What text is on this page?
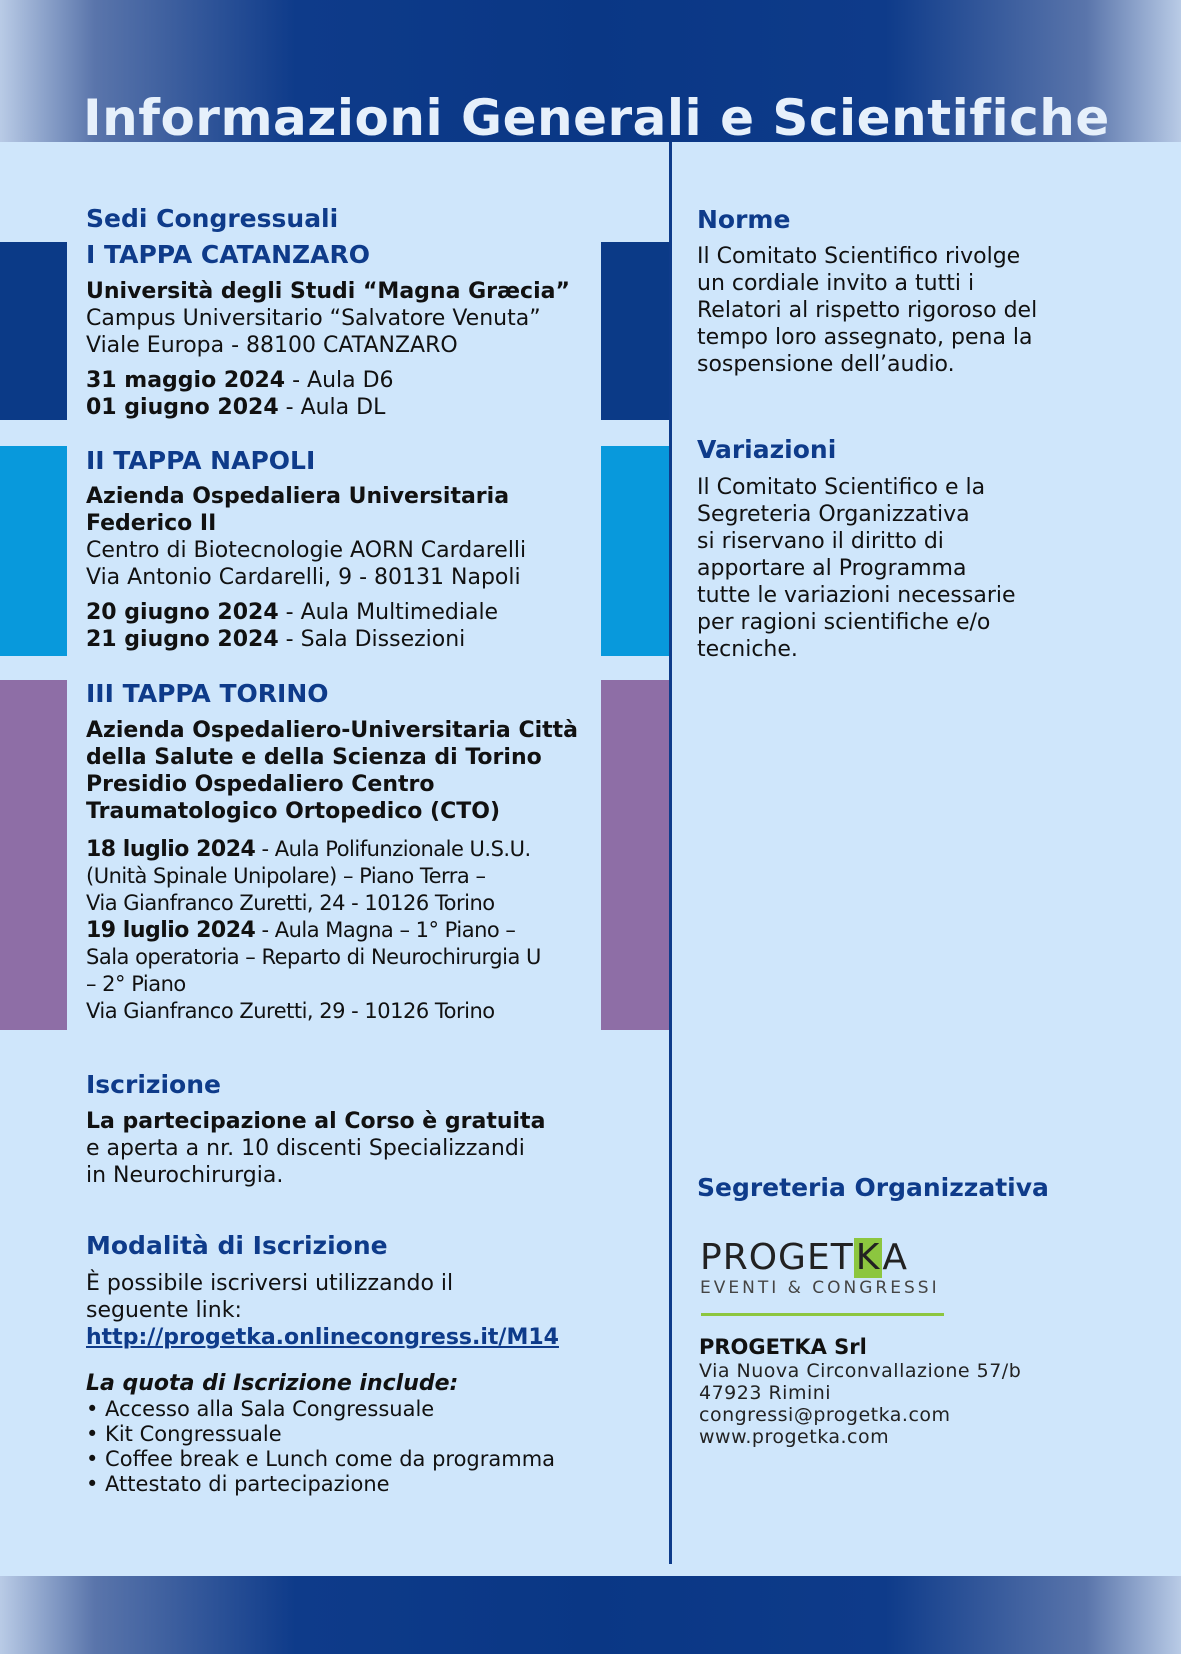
Informazioni Generali e Scientifiche
Sedi Congressuali
I TAPPA CATANZARO
Università degli Studi “Magna Græcia”
Campus Universitario “Salvatore Venuta”
Viale Europa - 88100 CATANZARO
31 maggio 2024 - Aula D6
01 giugno 2024 - Aula DL
II TAPPA NAPOLI
Azienda Ospedaliera Universitaria
Federico II
Centro di Biotecnologie AORN Cardarelli
Via Antonio Cardarelli, 9 - 80131 Napoli
20 giugno 2024 - Aula Multimediale
21 giugno 2024 - Sala Dissezioni
III TAPPA TORINO
Azienda Ospedaliero-Universitaria Città
della Salute e della Scienza di Torino
Presidio Ospedaliero Centro
Traumatologico Ortopedico (CTO)
18 luglio 2024 - Aula Polifunzionale U.S.U.
(Unità Spinale Unipolare) – Piano Terra –
Via Gianfranco Zuretti, 24 - 10126 Torino
19 luglio 2024 - Aula Magna – 1° Piano –
Sala operatoria – Reparto di Neurochirurgia U
– 2° Piano
Via Gianfranco Zuretti, 29 - 10126 Torino
Iscrizione
La partecipazione al Corso è gratuita
e aperta a nr. 10 discenti Specializzandi
in Neurochirurgia.
Modalità di Iscrizione
È possibile iscriversi utilizzando il
seguente link:
http://progetka.onlinecongress.it/M14
La quota di Iscrizione include:
• Accesso alla Sala Congressuale
• Kit Congressuale
• Coffee break e Lunch come da programma
• Attestato di partecipazione
Norme
Il Comitato Scientifico rivolge
un cordiale invito a tutti i
Relatori al rispetto rigoroso del
tempo loro assegnato, pena la
sospensione dell’audio.
Variazioni
Il Comitato Scientifico e la
Segreteria Organizzativa
si riservano il diritto di
apportare al Programma
tutte le variazioni necessarie
per ragioni scientifiche e/o
tecniche.
Segreteria Organizzativa
PROGETKA
EVENTI & CONGRESSI
PROGETKA Srl
Via Nuova Circonvallazione 57/b
47923 Rimini
congressi@progetka.com
www.progetka.com
